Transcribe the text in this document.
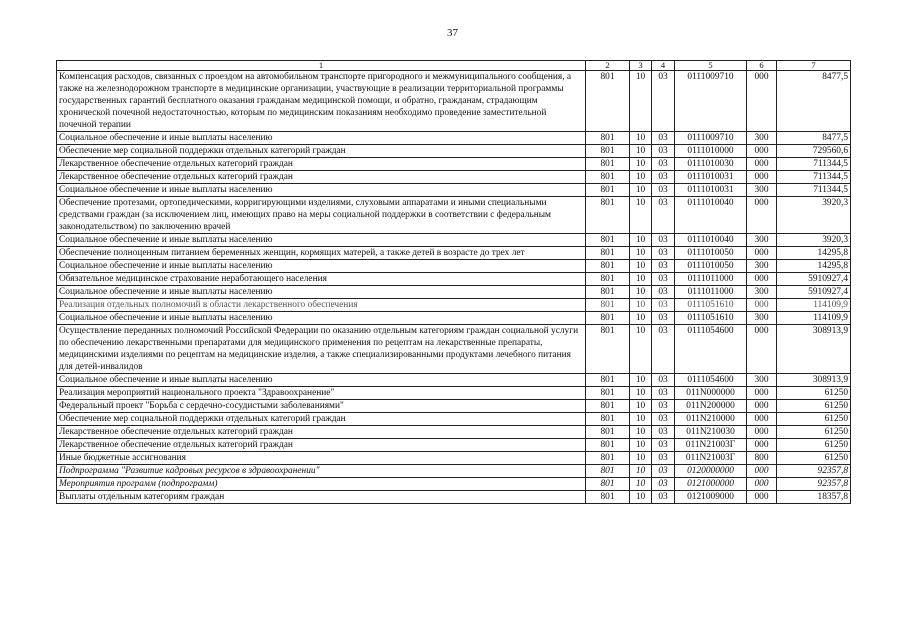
37
1	2	3	4	5	6	7
Компенсация расходов, связанных с проездом на автомобильном транспорте пригородного и межмуниципального сообщения, а также на железнодорожном транспорте в медицинские организации, участвующие в реализации территориальной программы государственных гарантий бесплатного оказания гражданам медицинской помощи, и обратно, гражданам, страдающим хронической почечной недостаточностью, которым по медицинским показаниям необходимо проведение заместительной почечной терапии	801	10	03	0111009710	000	8477,5
Социальное обеспечение и иные выплаты населению	801	10	03	0111009710	300	8477,5
Обеспечение мер социальной поддержки отдельных категорий граждан	801	10	03	0111010000	000	729560,6
Лекарственное обеспечение отдельных категорий граждан	801	10	03	0111010030	000	711344,5
Лекарственное обеспечение отдельных категорий граждан	801	10	03	0111010031	000	711344,5
Социальное обеспечение и иные выплаты населению	801	10	03	0111010031	300	711344,5
Обеспечение протезами, ортопедическими, корригирующими изделиями, слуховыми аппаратами и иными специальными средствами граждан (за исключением лиц, имеющих право на меры социальной поддержки в соответствии с федеральным законодательством) по заключению врачей	801	10	03	0111010040	000	3920,3
Социальное обеспечение и иные выплаты населению	801	10	03	0111010040	300	3920,3
Обеспечение полноценным питанием беременных женщин, кормящих матерей, а также детей в возрасте до трех лет	801	10	03	0111010050	000	14295,8
Социальное обеспечение и иные выплаты населению	801	10	03	0111010050	300	14295,8
Обязательное медицинское страхование неработающего населения	801	10	03	0111011000	000	5910927,4
Социальное обеспечение и иные выплаты населению	801	10	03	0111011000	300	5910927,4
Реализация отдельных полномочий в области лекарственного обеспечения	801	10	03	0111051610	000	114109,9
Социальное обеспечение и иные выплаты населению	801	10	03	0111051610	300	114109,9
Осуществление переданных полномочий Российской Федерации по оказанию отдельным категориям граждан социальной услуги по обеспечению лекарственными препаратами для медицинского применения по рецептам на лекарственные препараты, медицинскими изделиями по рецептам на медицинские изделия, а также специализированными продуктами лечебного питания для детей-инвалидов	801	10	03	0111054600	000	308913,9
Социальное обеспечение и иные выплаты населению	801	10	03	0111054600	300	308913,9
Реализация мероприятий национального проекта "Здравоохранение"	801	10	03	011N000000	000	61250
Федеральный проект "Борьба с сердечно-сосудистыми заболеваниями"	801	10	03	011N200000	000	61250
Обеспечение мер социальной поддержки отдельных категорий граждан	801	10	03	011N210000	000	61250
Лекарственное обеспечение отдельных категорий граждан	801	10	03	011N210030	000	61250
Лекарственное обеспечение отдельных категорий граждан	801	10	03	011N21003Г	000	61250
Иные бюджетные ассигнования	801	10	03	011N21003Г	800	61250
Подпрограмма "Развитие кадровых ресурсов в здравоохранении"	801	10	03	0120000000	000	92357,8
Мероприятия программ (подпрограмм)	801	10	03	0121000000	000	92357,8
Выплаты отдельным категориям граждан	801	10	03	0121009000	000	18357,8
